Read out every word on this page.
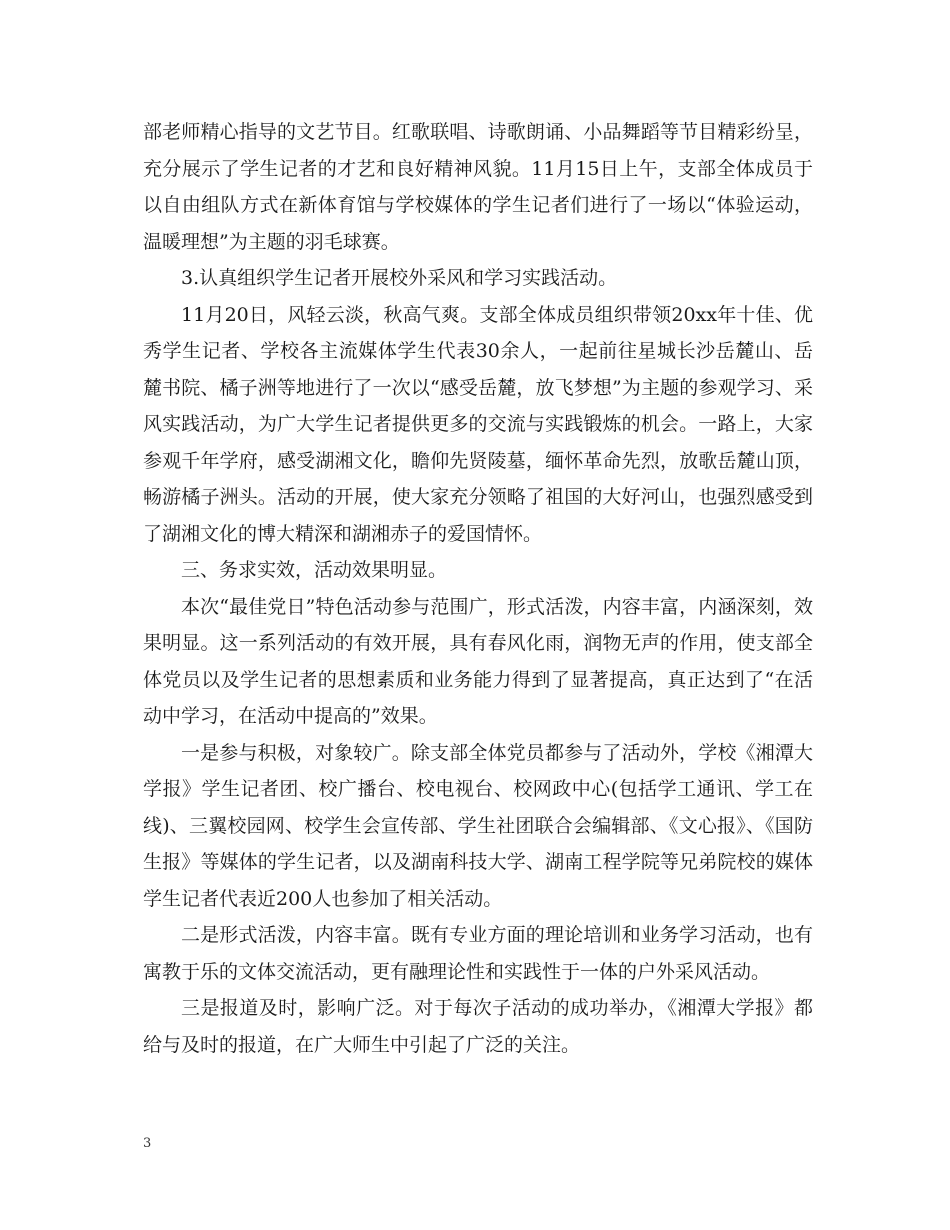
部老师精心指导的文艺节目。红歌联唱、诗歌朗诵、小品舞蹈等节目精彩纷呈，充分展示了学生记者的才艺和良好精神风貌。11月15日上午，支部全体成员于以自由组队方式在新体育馆与学校媒体的学生记者们进行了一场以“体验运动，温暖理想”为主题的羽毛球赛。

3.认真组织学生记者开展校外采风和学习实践活动。

11月20日，风轻云淡，秋高气爽。支部全体成员组织带领20xx年十佳、优秀学生记者、学校各主流媒体学生代表30余人，一起前往星城长沙岳麓山、岳麓书院、橘子洲等地进行了一次以“感受岳麓，放飞梦想”为主题的参观学习、采风实践活动，为广大学生记者提供更多的交流与实践锻炼的机会。一路上，大家参观千年学府，感受湖湘文化，瞻仰先贤陵墓，缅怀革命先烈，放歌岳麓山顶，畅游橘子洲头。活动的开展，使大家充分领略了祖国的大好河山，也强烈感受到了湖湘文化的博大精深和湖湘赤子的爱国情怀。

三、务求实效，活动效果明显。

本次“最佳党日”特色活动参与范围广，形式活泼，内容丰富，内涵深刻，效果明显。这一系列活动的有效开展，具有春风化雨，润物无声的作用，使支部全体党员以及学生记者的思想素质和业务能力得到了显著提高，真正达到了“在活动中学习，在活动中提高的”效果。

一是参与积极，对象较广。除支部全体党员都参与了活动外，学校《湘潭大学报》学生记者团、校广播台、校电视台、校网政中心(包括学工通讯、学工在线)、三翼校园网、校学生会宣传部、学生社团联合会编辑部、《文心报》、《国防生报》等媒体的学生记者，以及湖南科技大学、湖南工程学院等兄弟院校的媒体学生记者代表近200人也参加了相关活动。

二是形式活泼，内容丰富。既有专业方面的理论培训和业务学习活动，也有寓教于乐的文体交流活动，更有融理论性和实践性于一体的户外采风活动。

三是报道及时，影响广泛。对于每次子活动的成功举办，《湘潭大学报》都给与及时的报道，在广大师生中引起了广泛的关注。

3
